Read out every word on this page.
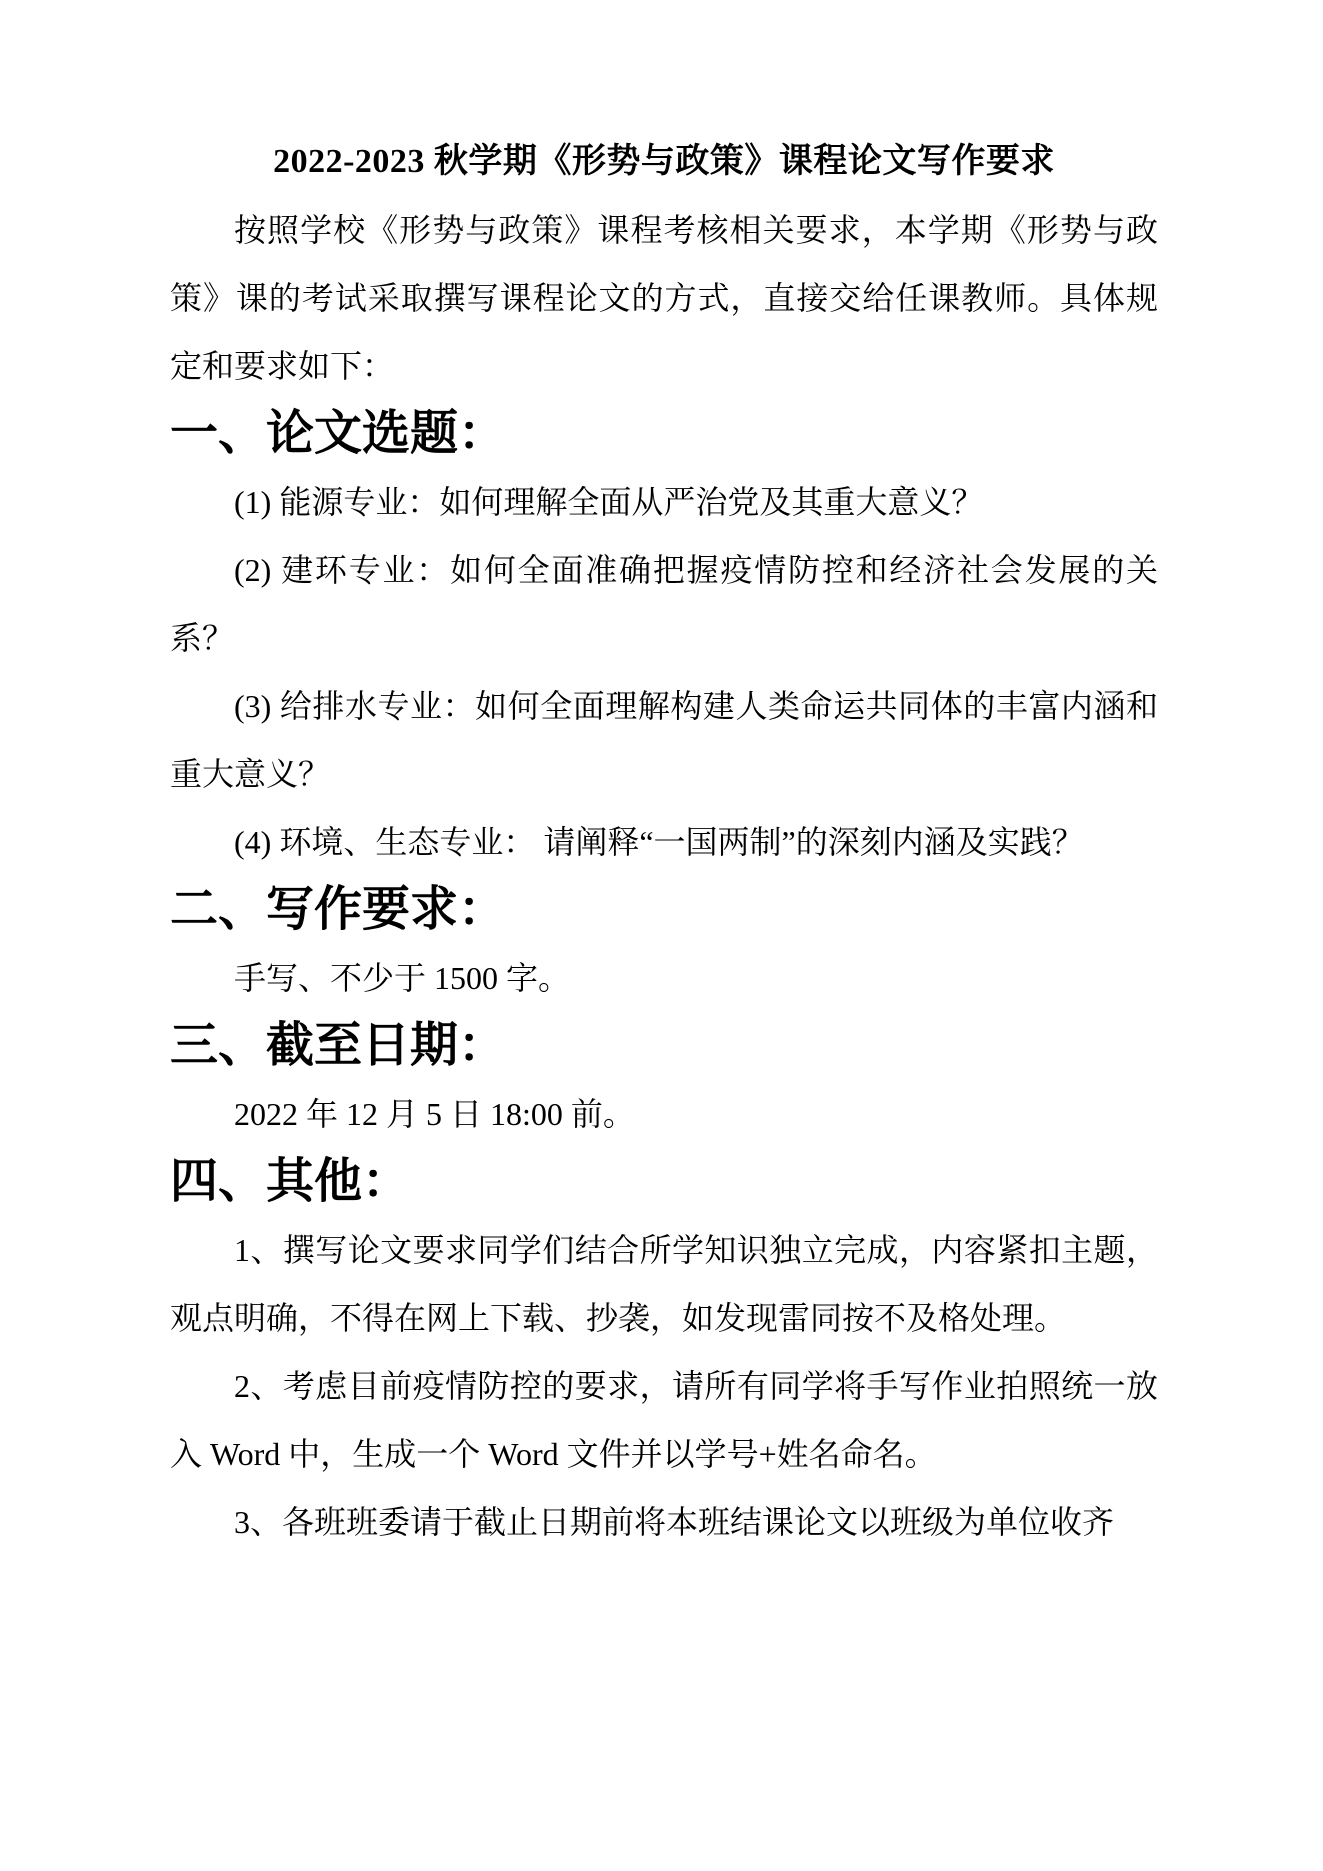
2022-2023 秋学期《形势与政策》课程论文写作要求

按照学校《形势与政策》课程考核相关要求，本学期《形势与政策》课的考试采取撰写课程论文的方式，直接交给任课教师。具体规定和要求如下：

一、论文选题：

(1) 能源专业：如何理解全面从严治党及其重大意义？

(2) 建环专业：如何全面准确把握疫情防控和经济社会发展的关系？

(3) 给排水专业：如何全面理解构建人类命运共同体的丰富内涵和重大意义？

(4) 环境、生态专业： 请阐释“一国两制”的深刻内涵及实践？

二、写作要求：

手写、不少于 1500 字。

三、截至日期：

2022 年 12 月 5 日 18:00 前。

四、其他：

1、撰写论文要求同学们结合所学知识独立完成，内容紧扣主题，观点明确，不得在网上下载、抄袭，如发现雷同按不及格处理。

2、考虑目前疫情防控的要求，请所有同学将手写作业拍照统一放入 Word 中，生成一个 Word 文件并以学号+姓名命名。

3、各班班委请于截止日期前将本班结课论文以班级为单位收齐
